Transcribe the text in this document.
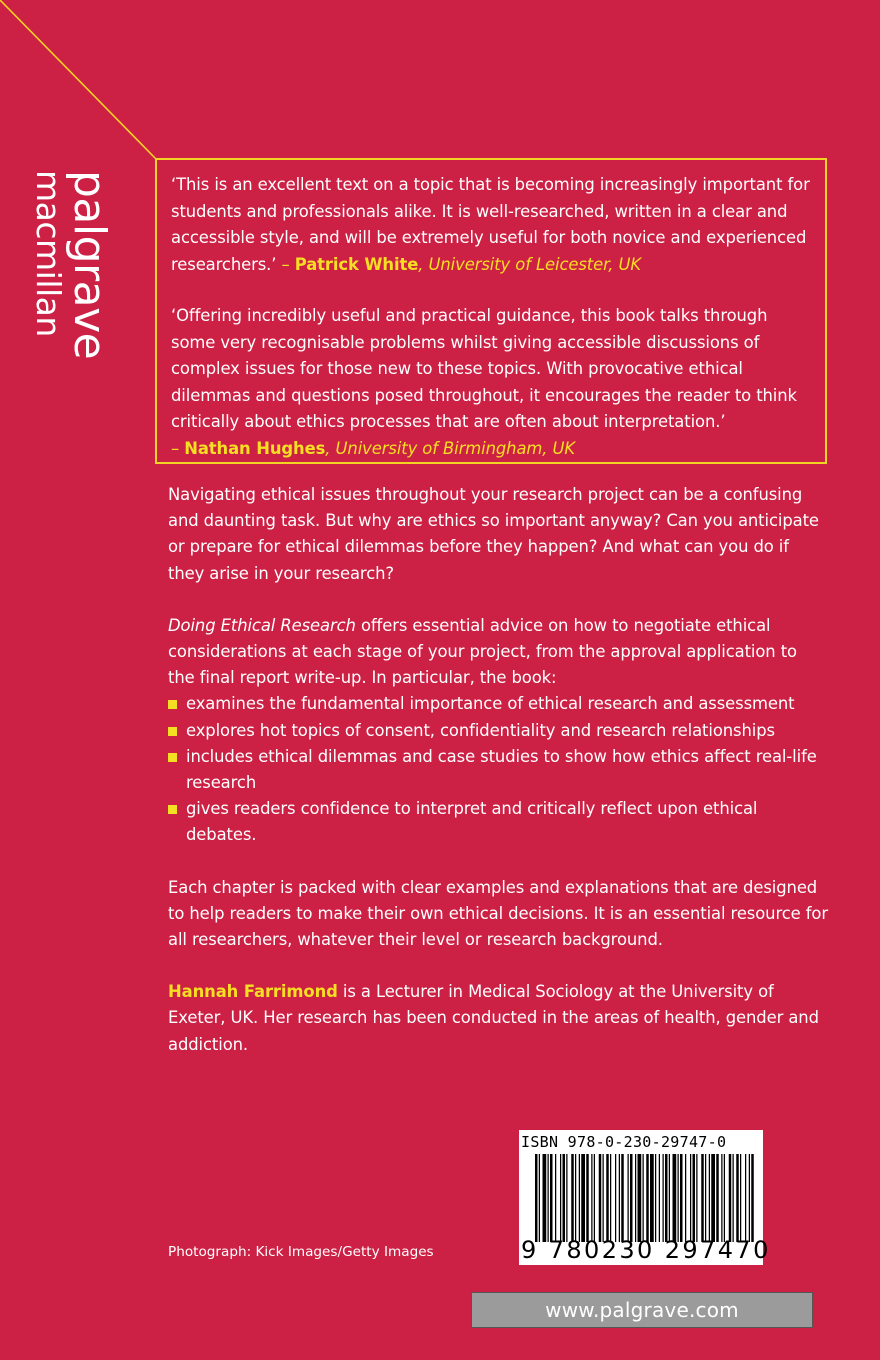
palgrave
macmillan	‘This is an excellent text on a topic that is becoming increasingly important for students and professionals alike. It is well-researched, written in a clear and accessible style, and will be extremely useful for both novice and experienced researchers.’ – Patrick White, University of Leicester, UK

‘Offering incredibly useful and practical guidance, this book talks through some very recognisable problems whilst giving accessible discussions of complex issues for those new to these topics. With provocative ethical dilemmas and questions posed throughout, it encourages the reader to think critically about ethics processes that are often about interpretation.’
– Nathan Hughes, University of Birmingham, UK

Navigating ethical issues throughout your research project can be a confusing and daunting task. But why are ethics so important anyway? Can you anticipate or prepare for ethical dilemmas before they happen? And what can you do if they arise in your research?

Doing Ethical Research offers essential advice on how to negotiate ethical considerations at each stage of your project, from the approval application to the final report write-up. In particular, the book:

examines the fundamental importance of ethical research and assessment
explores hot topics of consent, confidentiality and research relationships
includes ethical dilemmas and case studies to show how ethics affect real-life research
gives readers confidence to interpret and critically reflect upon ethical debates.

Each chapter is packed with clear examples and explanations that are designed to help readers to make their own ethical decisions. It is an essential resource for all researchers, whatever their level or research background.

Hannah Farrimond is a Lecturer in Medical Sociology at the University of Exeter, UK. Her research has been conducted in the areas of health, gender and addiction.

ISBN 978-0-230-29747-0
9 780230 297470
Photograph: Kick Images/Getty Images
www.palgrave.com
